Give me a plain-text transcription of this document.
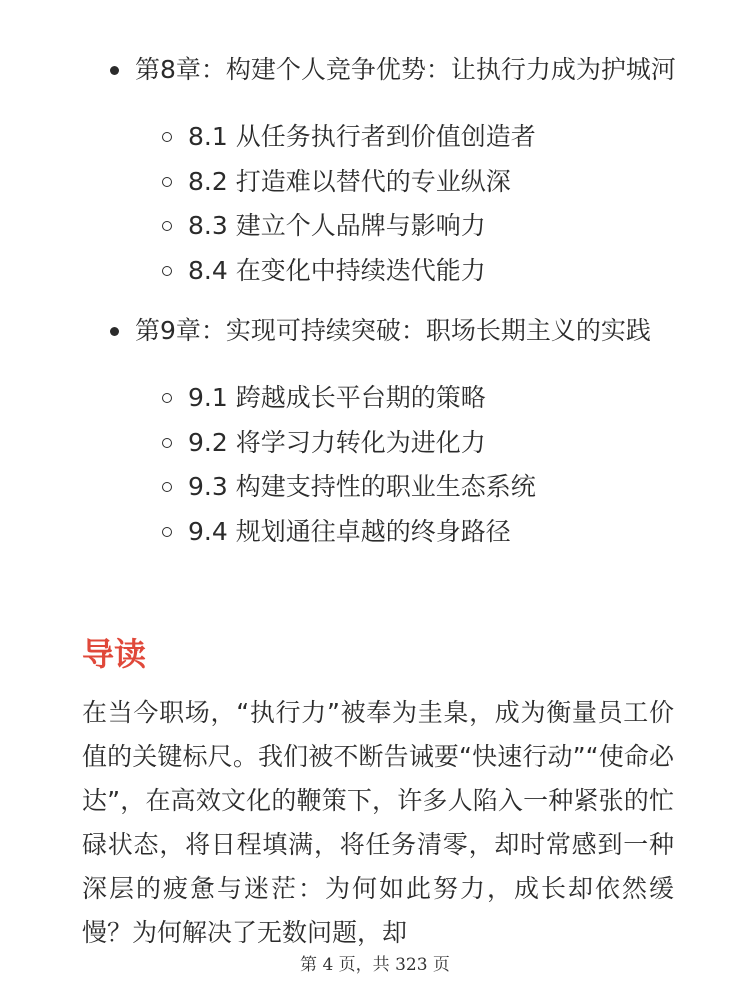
第8章：构建个人竞争优势：让执行力成为护城河
8.1 从任务执行者到价值创造者
8.2 打造难以替代的专业纵深
8.3 建立个人品牌与影响力
8.4 在变化中持续迭代能力
第9章：实现可持续突破：职场长期主义的实践
9.1 跨越成长平台期的策略
9.2 将学习力转化为进化力
9.3 构建支持性的职业生态系统
9.4 规划通往卓越的终身路径
导读

在当今职场，“执行力”被奉为圭臬，成为衡量员工价值的关键标尺。我们被不断告诫要“快速行动”“使命必达”，在高效文化的鞭策下，许多人陷入一种紧张的忙碌状态，将日程填满，将任务清零，却时常感到一种深层的疲惫与迷茫：为何如此努力，成长却依然缓慢？为何解决了无数问题，却

第 4 页，共 323 页
